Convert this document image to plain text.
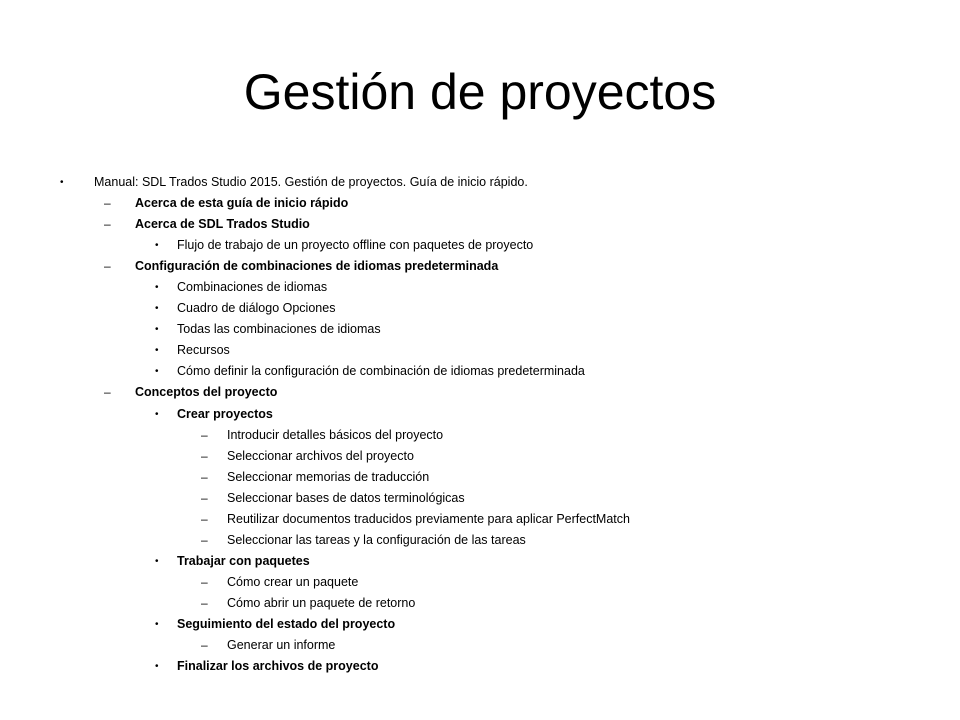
Gestión de proyectos
• Manual: SDL Trados Studio 2015. Gestión de proyectos. Guía de inicio rápido.
– Acerca de esta guía de inicio rápido
– Acerca de SDL Trados Studio
• Flujo de trabajo de un proyecto offline con paquetes de proyecto
– Configuración de combinaciones de idiomas predeterminada
• Combinaciones de idiomas
• Cuadro de diálogo Opciones
• Todas las combinaciones de idiomas
• Recursos
• Cómo definir la configuración de combinación de idiomas predeterminada
– Conceptos del proyecto
• Crear proyectos
– Introducir detalles básicos del proyecto
– Seleccionar archivos del proyecto
– Seleccionar memorias de traducción
– Seleccionar bases de datos terminológicas
– Reutilizar documentos traducidos previamente para aplicar PerfectMatch
– Seleccionar las tareas y la configuración de las tareas
• Trabajar con paquetes
– Cómo crear un paquete
– Cómo abrir un paquete de retorno
• Seguimiento del estado del proyecto
– Generar un informe
• Finalizar los archivos de proyecto
